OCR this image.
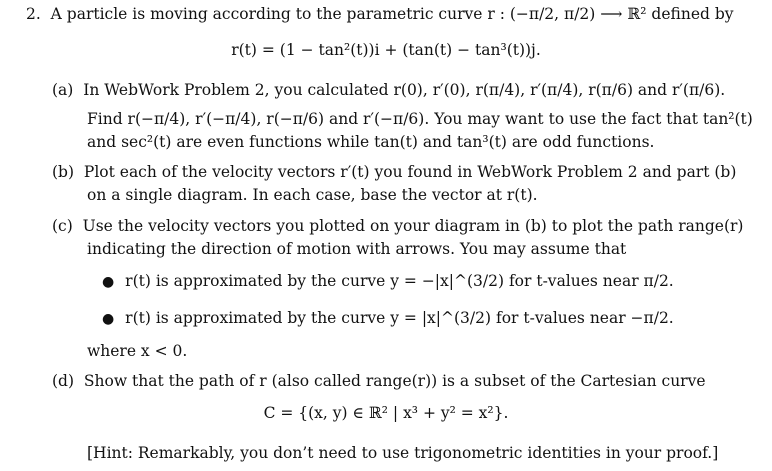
2. A particle is moving according to the parametric curve r : (−π/2, π/2) ⟶ ℝ² defined by
r(t) = (1 − tan²(t))i + (tan(t) − tan³(t))j.
(a) In WebWork Problem 2, you calculated r(0), r′(0), r(π/4), r′(π/4), r(π/6) and r′(π/6).
Find r(−π/4), r′(−π/4), r(−π/6) and r′(−π/6). You may want to use the fact that tan²(t)
and sec²(t) are even functions while tan(t) and tan³(t) are odd functions.
(b) Plot each of the velocity vectors r′(t) you found in WebWork Problem 2 and part (b)
on a single diagram. In each case, base the vector at r(t).
(c) Use the velocity vectors you plotted on your diagram in (b) to plot the path range(r)
indicating the direction of motion with arrows. You may assume that
● r(t) is approximated by the curve y = −|x|^(3/2) for t-values near π/2.
● r(t) is approximated by the curve y = |x|^(3/2) for t-values near −π/2.
where x < 0.
(d) Show that the path of r (also called range(r)) is a subset of the Cartesian curve
C = {(x, y) ∈ ℝ² | x³ + y² = x²}.
[Hint: Remarkably, you don’t need to use trigonometric identities in your proof.]
